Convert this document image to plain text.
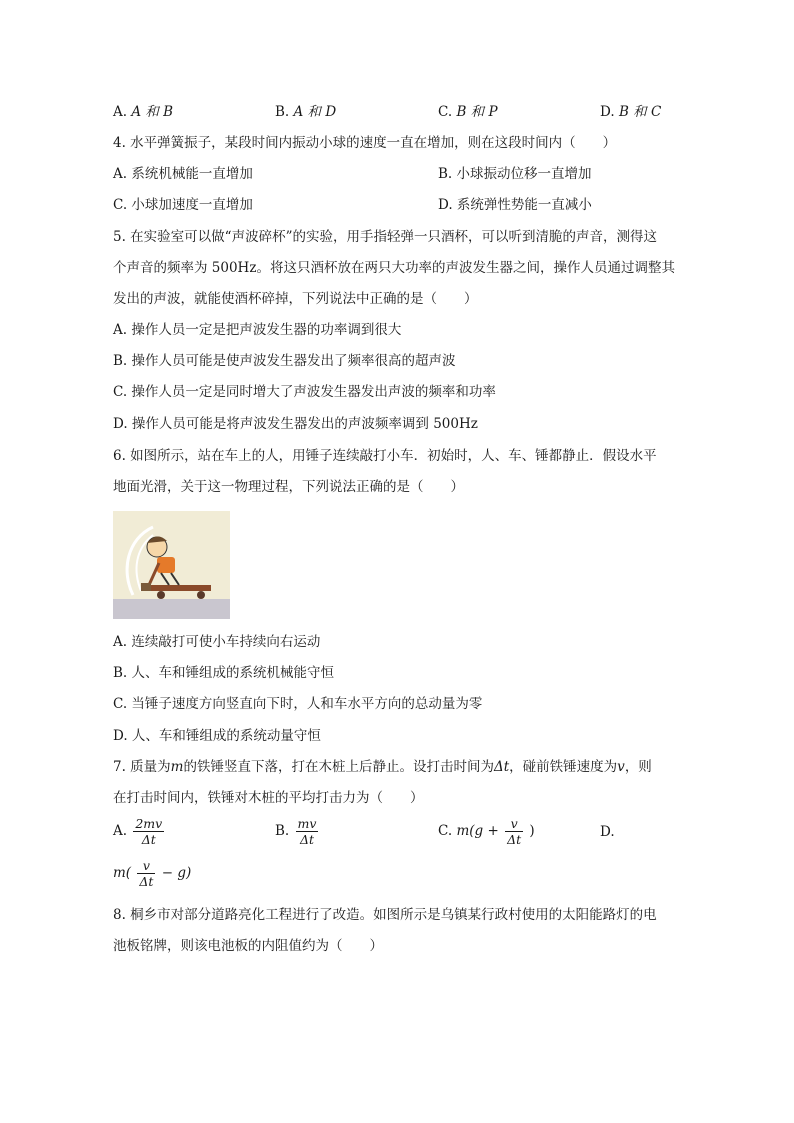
A. A 和 B	B. A 和 D	C. B 和 P	D. B 和 C
4. 水平弹簧振子，某段时间内振动小球的速度一直在增加，则在这段时间内（　　）
A. 系统机械能一直增加	B. 小球振动位移一直增加
C. 小球加速度一直增加	D. 系统弹性势能一直减小
5. 在实验室可以做“声波碎杯”的实验，用手指轻弹一只酒杯，可以听到清脆的声音，测得这
个声音的频率为 500Hz。将这只酒杯放在两只大功率的声波发生器之间，操作人员通过调整其
发出的声波，就能使酒杯碎掉，下列说法中正确的是（　　）
A. 操作人员一定是把声波发生器的功率调到很大
B. 操作人员可能是使声波发生器发出了频率很高的超声波
C. 操作人员一定是同时增大了声波发生器发出声波的频率和功率
D. 操作人员可能是将声波发生器发出的声波频率调到 500Hz
6. 如图所示，站在车上的人，用锤子连续敲打小车．初始时，人、车、锤都静止．假设水平
地面光滑，关于这一物理过程，下列说法正确的是（　　）
A. 连续敲打可使小车持续向右运动
B. 人、车和锤组成的系统机械能守恒
C. 当锤子速度方向竖直向下时，人和车水平方向的总动量为零
D. 人、车和锤组成的系统动量守恒
7. 质量为m的铁锤竖直下落，打在木桩上后静止。设打击时间为Δt，碰前铁锤速度为v，则
在打击时间内，铁锤对木桩的平均打击力为（　　）
A. $\frac{2mv}{\Delta t}$	B. $\frac{mv}{\Delta t}$	C. $m(g + \frac{v}{\Delta t}$ )	D.
$m( \frac{v}{\Delta t} - g)$
8. 桐乡市对部分道路亮化工程进行了改造。如图所示是乌镇某行政村使用的太阳能路灯的电
池板铭牌，则该电池板的内阻值约为（　　）
